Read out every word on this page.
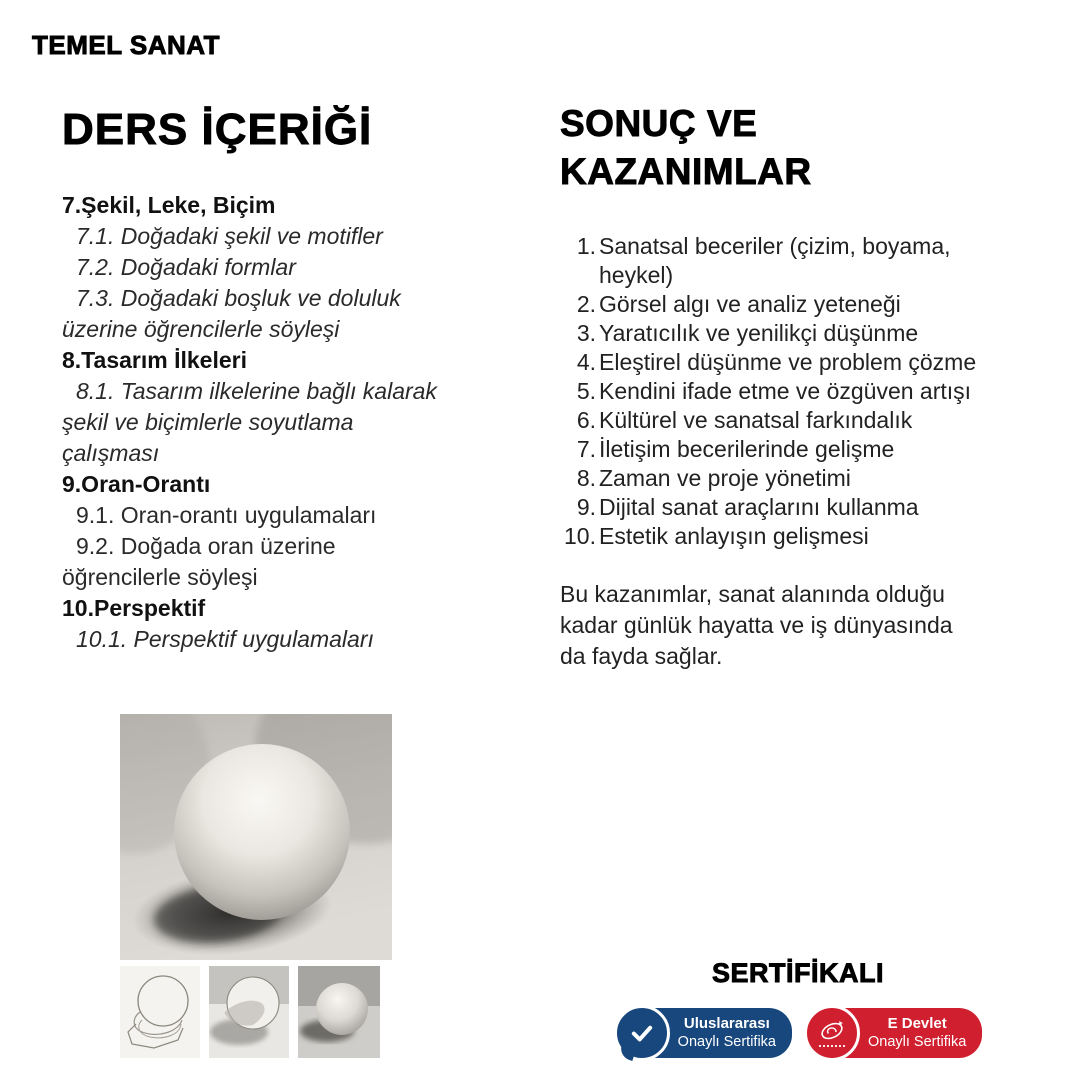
TEMEL SANAT
DERS İÇERİĞİ
7.Şekil, Leke, Biçim
7.1. Doğadaki şekil ve motifler
7.2. Doğadaki formlar
7.3. Doğadaki boşluk ve doluluk üzerine öğrencilerle söyleşi
8.Tasarım İlkeleri
8.1. Tasarım ilkelerine bağlı kalarak şekil ve biçimlerle soyutlama çalışması
9.Oran-Orantı
9.1. Oran-orantı uygulamaları
9.2. Doğada oran üzerine öğrencilerle söyleşi
10.Perspektif
10.1. Perspektif uygulamaları
SONUÇ VE
KAZANIMLAR
1. Sanatsal beceriler (çizim, boyama, heykel)
2. Görsel algı ve analiz yeteneği
3. Yaratıcılık ve yenilikçi düşünme
4. Eleştirel düşünme ve problem çözme
5. Kendini ifade etme ve özgüven artışı
6. Kültürel ve sanatsal farkındalık
7. İletişim becerilerinde gelişme
8. Zaman ve proje yönetimi
9. Dijital sanat araçlarını kullanma
10. Estetik anlayışın gelişmesi
Bu kazanımlar, sanat alanında olduğu kadar günlük hayatta ve iş dünyasında da fayda sağlar.
SERTİFİKALI
Uluslararası
Onaylı Sertifika
E Devlet
Onaylı Sertifika
